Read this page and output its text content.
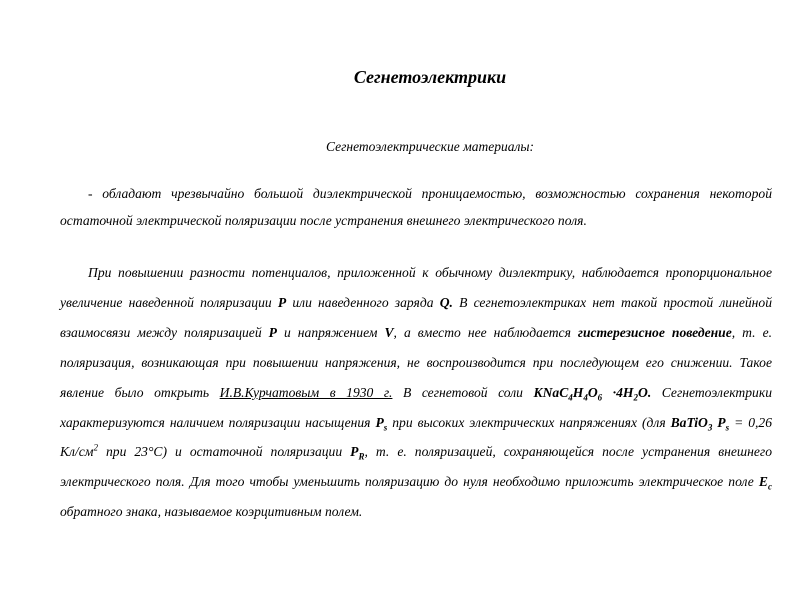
Сегнетоэлектрики
Сегнетоэлектрические материалы:

- обладают чрезвычайно большой диэлектрической проницаемостью, возможностью сохранения некоторой остаточной электрической поляризации после устранения внешнего электрического поля.

При повышении разности потенциалов, приложенной к обычному диэлектрику, наблюдается пропорциональное увеличение наведенной поляризации P или наведенного заряда Q. В сегнетоэлектриках нет такой простой линейной взаимосвязи между поляризацией P и напряжением V, а вместо нее наблюдается гистерезисное поведение, т. е. поляризация, возникающая при повышении напряжения, не воспроизводится при последующем его снижении. Такое явление было открыть И.В.Курчатовым в 1930 г. В сегнетовой соли $KNaC_4H_4O_6 \cdot 4H_2O$. Сегнетоэлектрики характеризуются наличием поляризации насыщения $P_s$ при высоких электрических напряжениях (для BaTiO$_3$ $P_s = 0,26$ $Кл/см^2$ при 23°С) и остаточной поляризации $P_R$, т. е. поляризацией, сохраняющейся после устранения внешнего электрического поля. Для того чтобы уменьшить поляризацию до нуля необходимо приложить электрическое поле $E_c$ обратного знака, называемое коэрцитивным полем.
